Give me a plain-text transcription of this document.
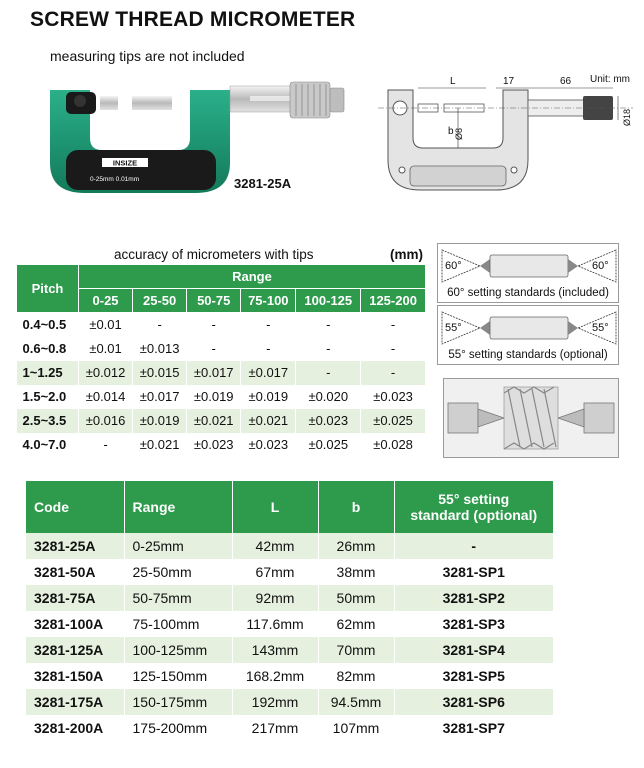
SCREW THREAD MICROMETER
measuring tips are not included
INSIZE
0-25mm 0.01mm	3281-25A
L	17	66
b Ø8
Ø18
Unit: mm
accuracy of micrometers with tips	(mm)
Pitch	Range					
	0-25	25-50	50-75	75-100	100-125	125-200
0.4~0.5	±0.01	-	-	-	-	-
0.6~0.8	±0.01	±0.013	-	-	-	-
1~1.25	±0.012	±0.015	±0.017	±0.017	-	-
1.5~2.0	±0.014	±0.017	±0.019	±0.019	±0.020	±0.023
2.5~3.5	±0.016	±0.019	±0.021	±0.021	±0.023	±0.025
4.0~7.0	-	±0.021	±0.023	±0.023	±0.025	±0.028
60°	60°
60° setting standards (included)
55°	55°
55° setting standards (optional)
Code	Range	L	b	55° setting
standard (optional)
3281-25A	0-25mm	42mm	26mm	-
3281-50A	25-50mm	67mm	38mm	3281-SP1
3281-75A	50-75mm	92mm	50mm	3281-SP2
3281-100A	75-100mm	117.6mm	62mm	3281-SP3
3281-125A	100-125mm	143mm	70mm	3281-SP4
3281-150A	125-150mm	168.2mm	82mm	3281-SP5
3281-175A	150-175mm	192mm	94.5mm	3281-SP6
3281-200A	175-200mm	217mm	107mm	3281-SP7
